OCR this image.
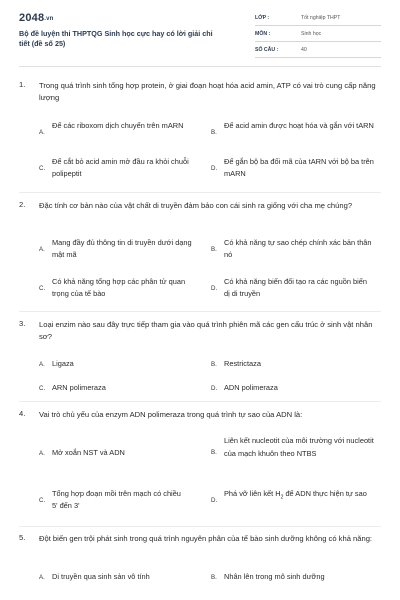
2048.vn
Bộ đề luyện thi THPTQG Sinh học cực hay có lời giải chi tiết (đề số 25)
LỚP :	Tốt nghiệp THPT
MÔN :	Sinh học
SỐ CÂU :	40
1. Trong quá trình sinh tổng hợp protein, ở giai đoạn hoạt hóa acid amin, ATP có vai trò cung cấp năng lượng
A.
Để các riboxom dịch chuyển trên mARN
B.
Để acid amin được hoạt hóa và gắn với tARN
C.
Để cắt bỏ acid amin mở đầu ra khỏi chuỗi polipeptit
D.
Để gắn bộ ba đối mã của tARN với bộ ba trên mARN
2. Đặc tính cơ bản nào của vật chất di truyền đảm bảo con cái sinh ra giống với cha mẹ chúng?
A.
Mang đầy đủ thông tin di truyền dưới dạng mật mã
B.
Có khả năng tự sao chép chính xác bản thân nó
C.
Có khả năng tổng hợp các phân tử quan trọng của tế bào
D.
Có khả năng biến đổi tạo ra các nguồn biến dị di truyền
3. Loại enzim nào sau đây trực tiếp tham gia vào quá trình phiên mã các gen cấu trúc ở sinh vật nhân sơ?
A. Ligaza	B. Restrictaza
C. ARN polimeraza	D. ADN polimeraza
4. Vai trò chủ yếu của enzym ADN polimeraza trong quá trình tự sao của ADN là:
A. Mở xoắn NST và ADN	B.
Liên kết nucleotit của môi trường với nucleotit của mạch khuôn theo NTBS
C.
Tổng hợp đoạn mồi trên mạch có chiều 5' đến 3'
D.
Phá vỡ liên kết $H_2$ để ADN thực hiện tự sao
5. Đột biến gen trội phát sinh trong quá trình nguyên phân của tế bào sinh dưỡng không có khả năng:
A. Di truyền qua sinh sản vô tính	B. Nhân lên trong mô sinh dưỡng
